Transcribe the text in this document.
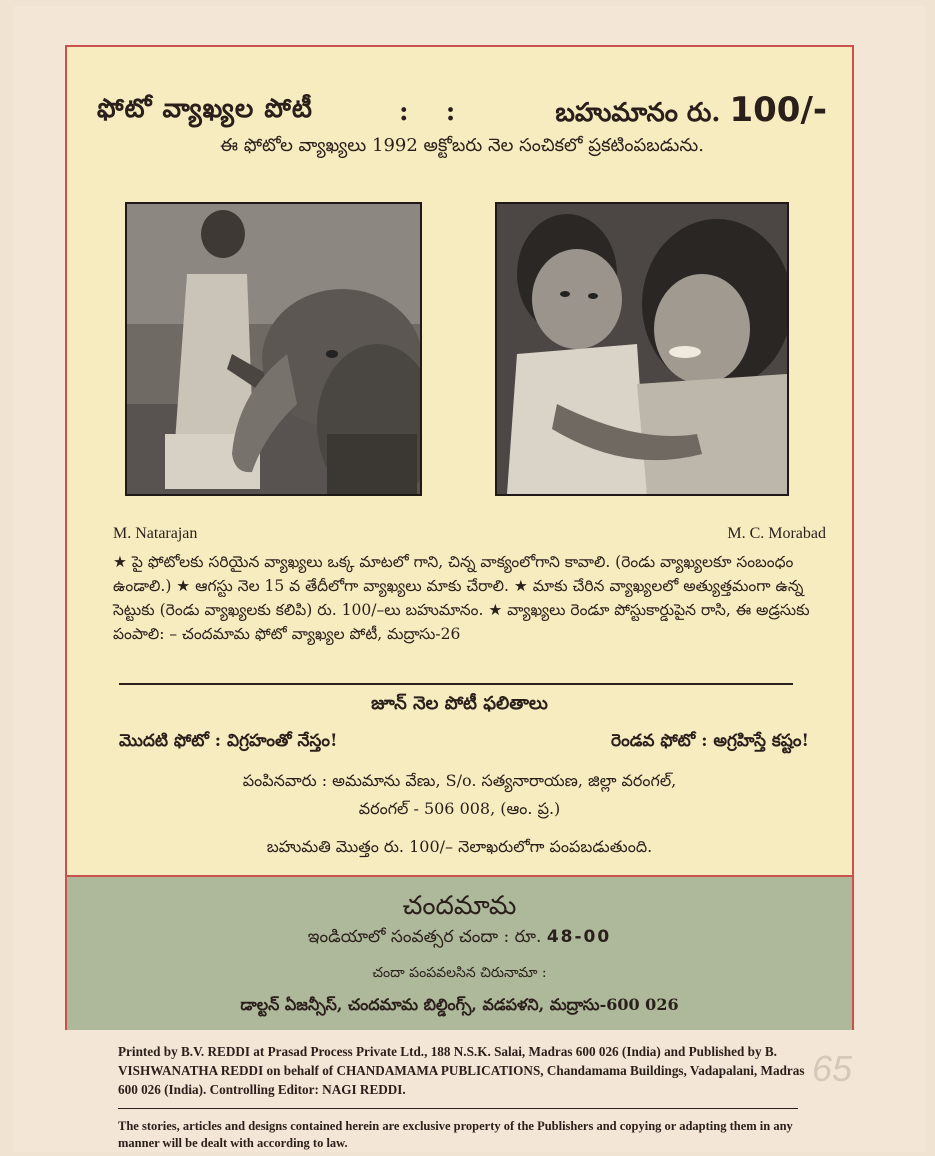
ఫోటో వ్యాఖ్యల పోటీ	: :	బహుమానం రు. 100/-
ఈ ఫోటోల వ్యాఖ్యలు 1992 అక్టోబరు నెల సంచికలో ప్రకటింపబడును.
M. Natarajan	M. C. Morabad
★ పై ఫోటోలకు సరియైన వ్యాఖ్యలు ఒక్క మాటలో గాని, చిన్న వాక్యంలోగాని కావాలి. (రెండు వ్యాఖ్యలకూ సంబంధం ఉండాలి.) ★ ఆగస్టు నెల 15 వ తేదీలోగా వ్యాఖ్యలు మాకు చేరాలి. ★ మాకు చేరిన వ్యాఖ్యలలో అత్యుత్తమంగా ఉన్న సెట్టుకు (రెండు వ్యాఖ్యలకు కలిపి) రు. 100/–లు బహుమానం. ★ వ్యాఖ్యలు రెండూ పోస్టుకార్డుపైన రాసి, ఈ అడ్రసుకు పంపాలి: – చందమామ ఫోటో వ్యాఖ్యల పోటీ, మద్రాసు-26
జూన్ నెల పోటీ ఫలితాలు
మొదటి ఫోటో : విగ్రహంతో నేస్తం!	రెండవ ఫోటో : అగ్రహిస్తే కష్టం!
పంపినవారు : అమమాను వేణు, S/o. సత్యనారాయణ, జిల్లా వరంగల్,
వరంగల్ - 506 008, (ఆం. ప్ర.)
బహుమతి మొత్తం రు. 100/– నెలాఖరులోగా పంపబడుతుంది.
చందమామ
ఇండియాలో సంవత్సర చందా : రూ. 48-00
చందా పంపవలసిన చిరునామా :
డాల్టన్ ఏజన్సీస్, చందమామ బిల్డింగ్స్, వడపళని, మద్రాసు-600 026
Printed by B.V. REDDI at Prasad Process Private Ltd., 188 N.S.K. Salai, Madras 600 026 (India) and Published by B. VISHWANATHA REDDI on behalf of CHANDAMAMA PUBLICATIONS, Chandamama Buildings, Vadapalani, Madras 600 026 (India). Controlling Editor: NAGI REDDI.
65
The stories, articles and designs contained herein are exclusive property of the Publishers and copying or adapting them in any manner will be dealt with according to law.
